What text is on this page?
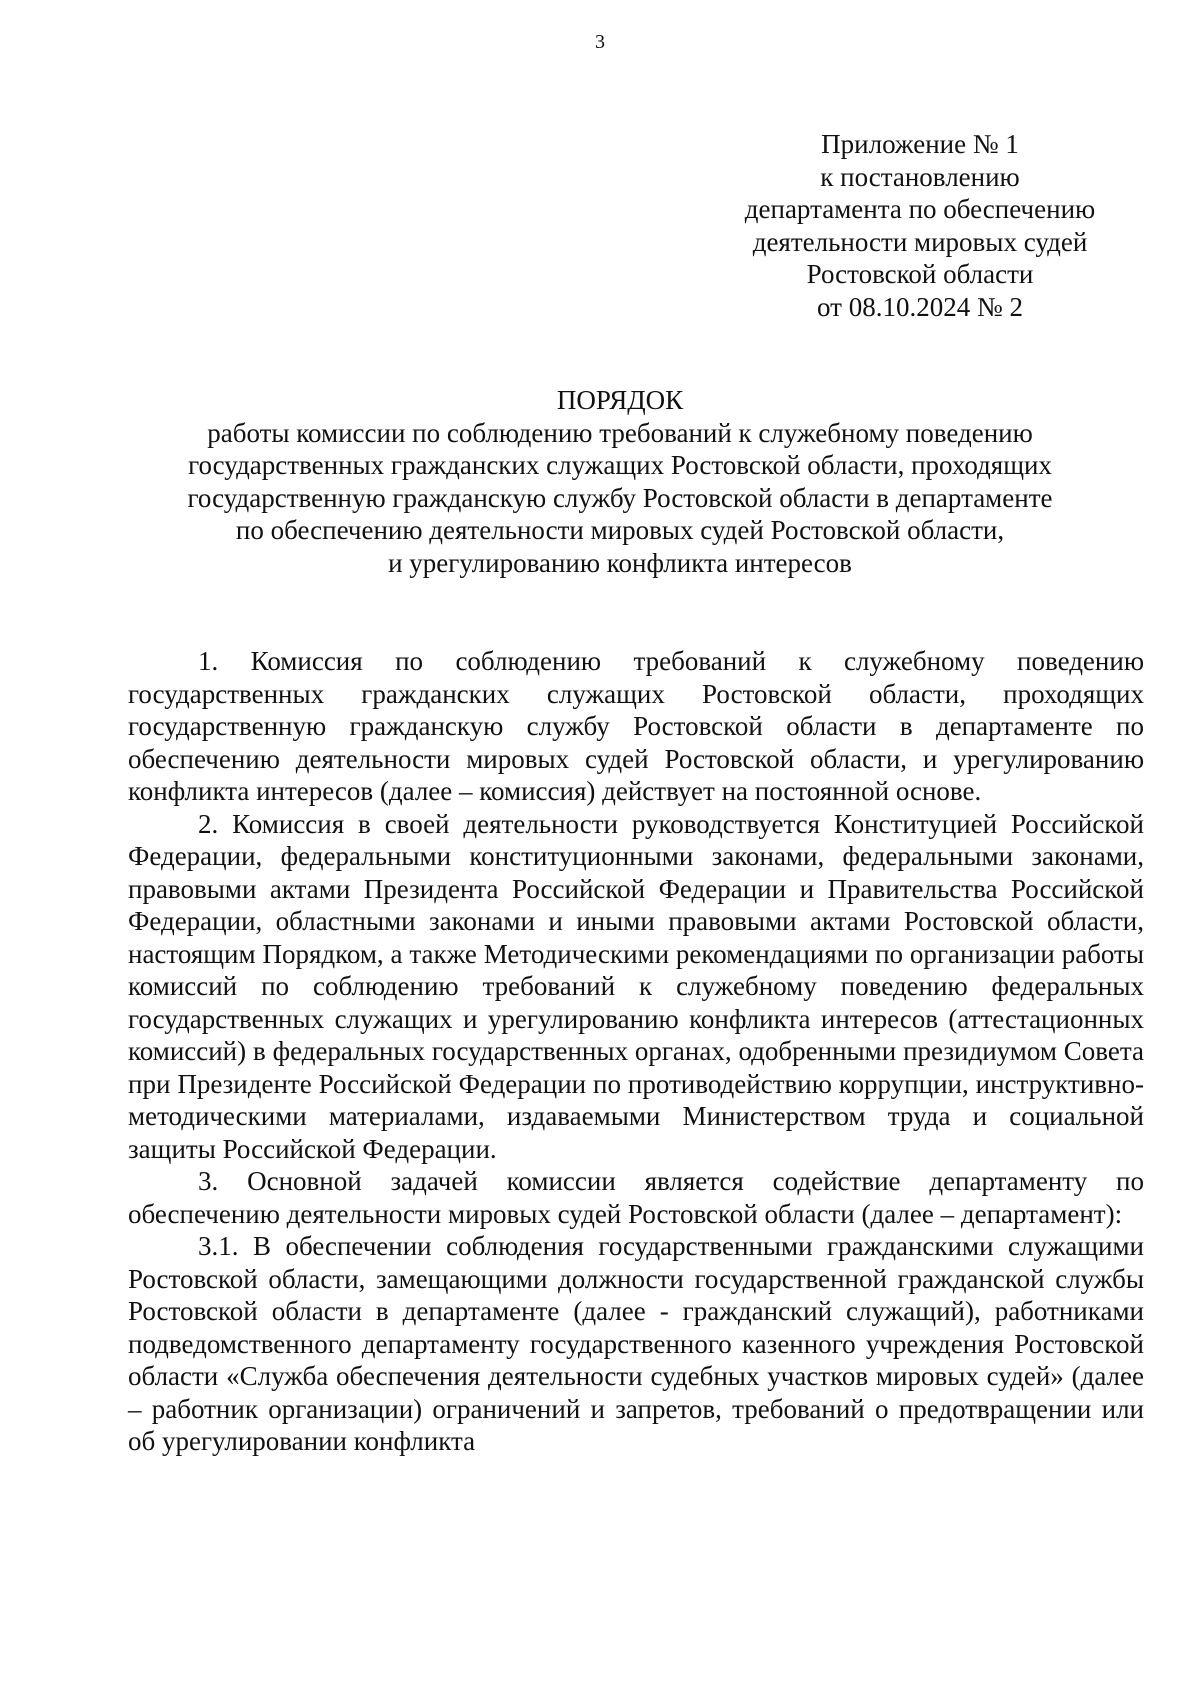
3
Приложение № 1
к постановлению
департамента по обеспечению
деятельности мировых судей
Ростовской области
от 08.10.2024 № 2
ПОРЯДОК
работы комиссии по соблюдению требований к служебному поведению
государственных гражданских служащих Ростовской области, проходящих
государственную гражданскую службу Ростовской области в департаменте
по обеспечению деятельности мировых судей Ростовской области,
и урегулированию конфликта интересов

1. Комиссия по соблюдению требований к служебному поведению государственных гражданских служащих Ростовской области, проходящих государственную гражданскую службу Ростовской области в департаменте по обеспечению деятельности мировых судей Ростовской области, и урегулированию конфликта интересов (далее – комиссия) действует на постоянной основе.

2. Комиссия в своей деятельности руководствуется Конституцией Российской Федерации, федеральными конституционными законами, федеральными законами, правовыми актами Президента Российской Федерации и Правительства Российской Федерации, областными законами и иными правовыми актами Ростовской области, настоящим Порядком, а также Методическими рекомендациями по организации работы комиссий по соблюдению требований к служебному поведению федеральных государственных служащих и урегулированию конфликта интересов (аттестационных комиссий) в федеральных государственных органах, одобренными президиумом Совета при Президенте Российской Федерации по противодействию коррупции, инструктивно-методическими материалами, издаваемыми Министерством труда и социальной защиты Российской Федерации.

3. Основной задачей комиссии является содействие департаменту по обеспечению деятельности мировых судей Ростовской области (далее – департамент):

3.1. В обеспечении соблюдения государственными гражданскими служащими Ростовской области, замещающими должности государственной гражданской службы Ростовской области в департаменте (далее - гражданский служащий), работниками подведомственного департаменту государственного казенного учреждения Ростовской области «Служба обеспечения деятельности судебных участков мировых судей» (далее – работник организации) ограничений и запретов, требований о предотвращении или об урегулировании конфликта
